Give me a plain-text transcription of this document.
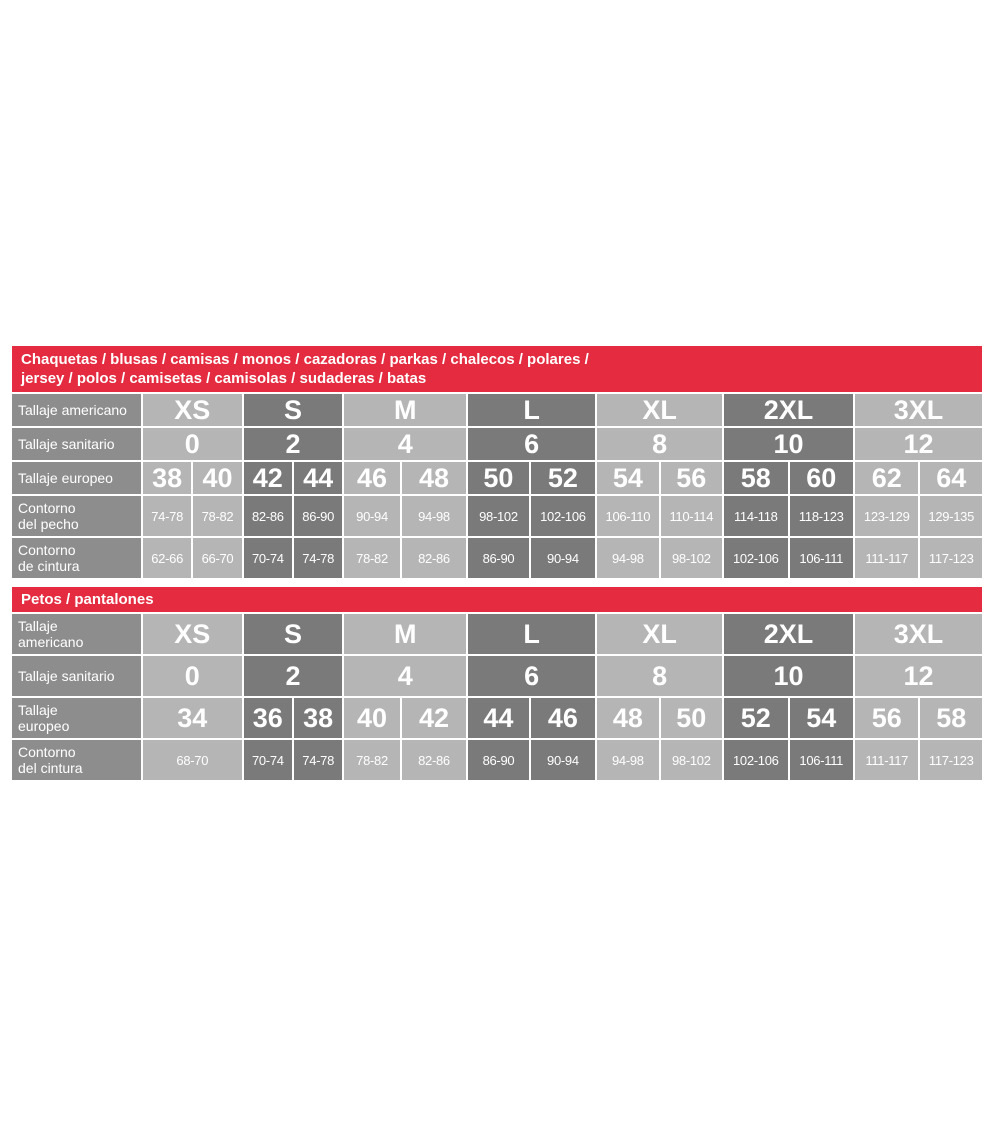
Chaquetas / blusas / camisas / monos / cazadoras / parkas / chalecos / polares /
jersey / polos / camisetas / camisolas / sudaderas / batas
Tallaje americano	XS		S		M		L		XL		2XL		3XL	
Tallaje sanitario	0		2		4		6		8		10		12	
Tallaje europeo	38	40	42	44	46	48	50	52	54	56	58	60	62	64

Contorno
del pecho	74-78	78-82	82-86	86-90	90-94	94-98	98-102	102-106	106-110	110-114	114-118	118-123	123-129	129-135

Contorno
de cintura	62-66	66-70	70-74	74-78	78-82	82-86	86-90	90-94	94-98	98-102	102-106	106-111	111-117	117-123
Petos / pantalones
Tallaje
americano	XS	S		M		L		XL		2XL		3XL	
Tallaje sanitario	0	2		4		6		8		10		12	

Tallaje
europeo	34	36	38	40	42	44	46	48	50	52	54	56	58

Contorno
del cintura	68-70	70-74	74-78	78-82	82-86	86-90	90-94	94-98	98-102	102-106	106-111	111-117	117-123
